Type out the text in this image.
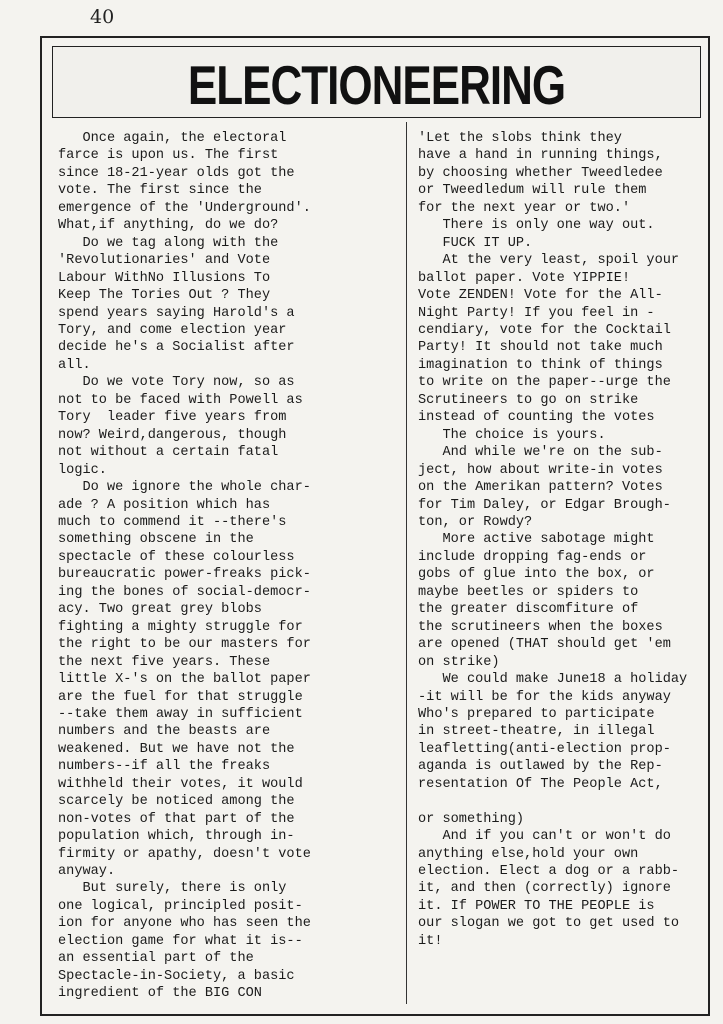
40
ELECTIONEERING
Once again, the electoral
farce is upon us. The first
since 18-21-year olds got the
vote. The first since the
emergence of the 'Underground'.
What,if anything, do we do?
Do we tag along with the
'Revolutionaries' and Vote
Labour WithNo Illusions To
Keep The Tories Out ? They
spend years saying Harold's a
Tory, and come election year
decide he's a Socialist after
all.
Do we vote Tory now, so as
not to be faced with Powell as
Tory  leader five years from
now? Weird,dangerous, though
not without a certain fatal
logic.
Do we ignore the whole char-
ade ? A position which has
much to commend it --there's
something obscene in the
spectacle of these colourless
bureaucratic power-freaks pick-
ing the bones of social-democr-
acy. Two great grey blobs
fighting a mighty struggle for
the right to be our masters for
the next five years. These
little X-'s on the ballot paper
are the fuel for that struggle
--take them away in sufficient
numbers and the beasts are
weakened. But we have not the
numbers--if all the freaks
withheld their votes, it would
scarcely be noticed among the
non-votes of that part of the
population which, through in-
firmity or apathy, doesn't vote
anyway.
But surely, there is only
one logical, principled posit-
ion for anyone who has seen the
election game for what it is--
an essential part of the
Spectacle-in-Society, a basic
ingredient of the BIG CON
'Let the slobs think they
have a hand in running things,
by choosing whether Tweedledee
or Tweedledum will rule them
for the next year or two.'
There is only one way out.
FUCK IT UP.
At the very least, spoil your
ballot paper. Vote YIPPIE!
Vote ZENDEN! Vote for the All-
Night Party! If you feel in -
cendiary, vote for the Cocktail
Party! It should not take much
imagination to think of things
to write on the paper--urge the
Scrutineers to go on strike
instead of counting the votes
The choice is yours.
And while we're on the sub-
ject, how about write-in votes
on the Amerikan pattern? Votes
for Tim Daley, or Edgar Brough-
ton, or Rowdy?
More active sabotage might
include dropping fag-ends or
gobs of glue into the box, or
maybe beetles or spiders to
the greater discomfiture of
the scrutineers when the boxes
are opened (THAT should get 'em
on strike)
We could make June18 a holiday
-it will be for the kids anyway
Who's prepared to participate
in street-theatre, in illegal
leafletting(anti-election prop-
aganda is outlawed by the Rep-
resentation Of The People Act,

or something)
And if you can't or won't do
anything else,hold your own
election. Elect a dog or a rabb-
it, and then (correctly) ignore
it. If POWER TO THE PEOPLE is
our slogan we got to get used to
it!
